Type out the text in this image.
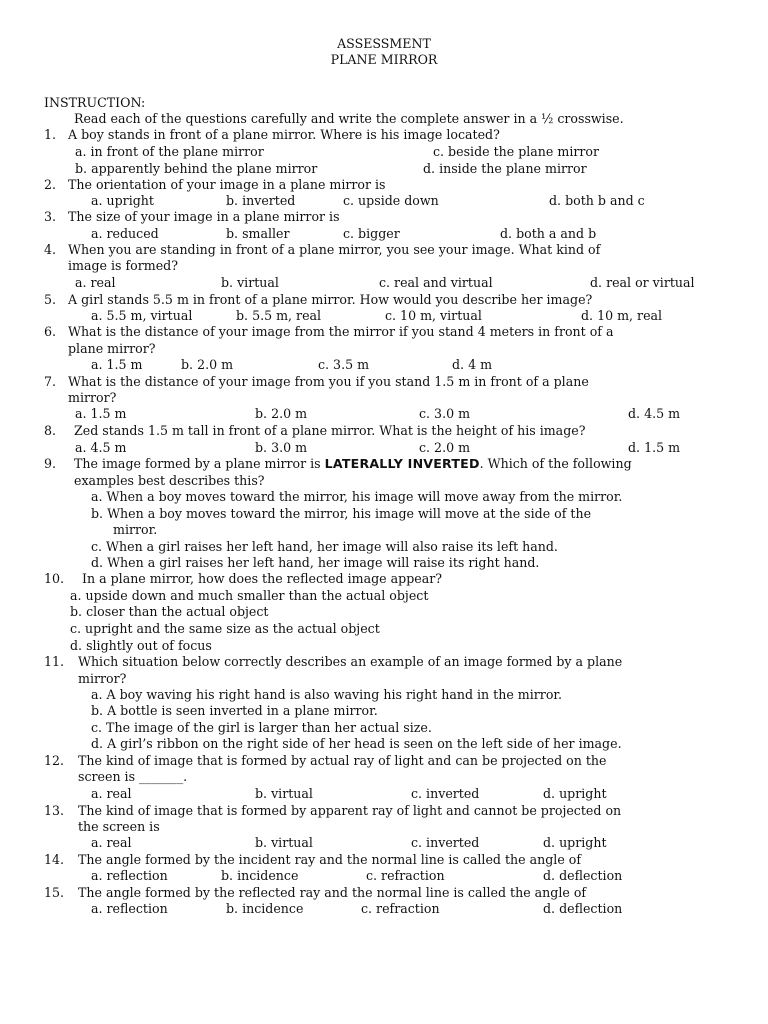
ASSESSMENT
PLANE MIRROR
INSTRUCTION:
Read each of the questions carefully and write the complete answer in a ½ crosswise.
1. A boy stands in front of a plane mirror. Where is his image located?
a. in front of the plane mirror	c. beside the plane mirror
b. apparently behind the plane mirror	d. inside the plane mirror
2. The orientation of your image in a plane mirror is
a. upright	b. inverted	c. upside down	d. both b and c
3. The size of your image in a plane mirror is
a. reduced	b. smaller	c. bigger	d. both a and b
4. When you are standing in front of a plane mirror, you see your image. What kind of
image is formed?
a. real	b. virtual	c. real and virtual	d. real or virtual
5. A girl stands 5.5 m in front of a plane mirror. How would you describe her image?
a. 5.5 m, virtual	b. 5.5 m, real	c. 10 m, virtual	d. 10 m, real
6. What is the distance of your image from the mirror if you stand 4 meters in front of a
plane mirror?
a. 1.5 m	b. 2.0 m	c. 3.5 m	d. 4 m
7. What is the distance of your image from you if you stand 1.5 m in front of a plane
mirror?
a. 1.5 m	b. 2.0 m	c. 3.0 m	d. 4.5 m
8. Zed stands 1.5 m tall in front of a plane mirror. What is the height of his image?
a. 4.5 m	b. 3.0 m	c. 2.0 m	d. 1.5 m
9. The image formed by a plane mirror is LATERALLY INVERTED. Which of the following
examples best describes this?
a. When a boy moves toward the mirror, his image will move away from the mirror.
b. When a boy moves toward the mirror, his image will move at the side of the
mirror.
c. When a girl raises her left hand, her image will also raise its left hand.
d. When a girl raises her left hand, her image will raise its right hand.
10. In a plane mirror, how does the reflected image appear?
a. upside down and much smaller than the actual object
b. closer than the actual object
c. upright and the same size as the actual object
d. slightly out of focus
11. Which situation below correctly describes an example of an image formed by a plane
mirror?
a. A boy waving his right hand is also waving his right hand in the mirror.
b. A bottle is seen inverted in a plane mirror.
c. The image of the girl is larger than her actual size.
d. A girl’s ribbon on the right side of her head is seen on the left side of her image.
12. The kind of image that is formed by actual ray of light and can be projected on the
screen is _______.
a. real	b. virtual	c. inverted	d. upright
13. The kind of image that is formed by apparent ray of light and cannot be projected on
the screen is
a. real	b. virtual	c. inverted	d. upright
14. The angle formed by the incident ray and the normal line is called the angle of
a. reflection	b. incidence	c. refraction	d. deflection
15. The angle formed by the reflected ray and the normal line is called the angle of
a. reflection	b. incidence	c. refraction	d. deflection
